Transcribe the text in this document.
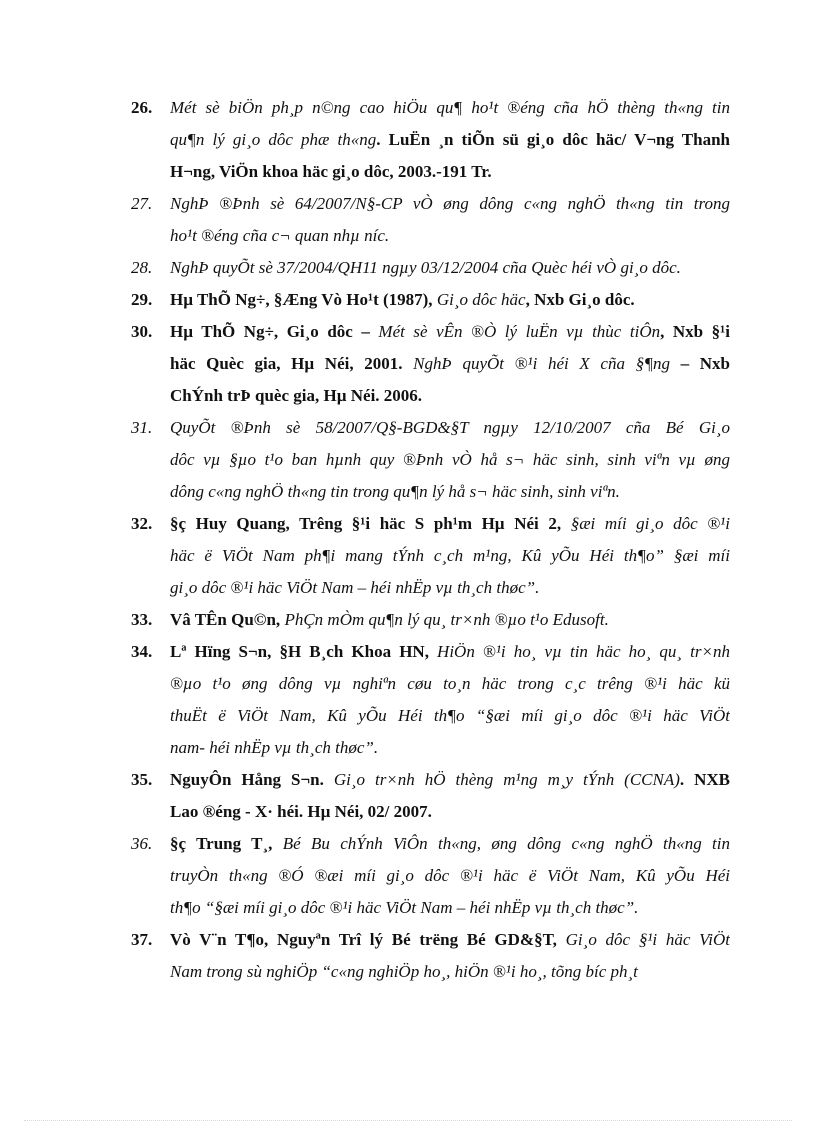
26. Mét sè biÖn ph¸p n©ng cao hiÖu qu¶ ho¹t ®éng cña hÖ thèng th«ng tin
qu¶n lý gi¸o dôc phæ th«ng. LuËn ¸n tiÕn sü gi¸o dôc häc/ V¬ng Thanh
H¬ng, ViÖn khoa häc gi¸o dôc, 2003.-191 Tr.
27. NghÞ ®Þnh sè 64/2007/N§-CP vÒ øng dông c«ng nghÖ th«ng tin trong
ho¹t ®éng cña c¬ quan nhµ níc.
28. NghÞ quyÕt sè 37/2004/QH11 ngµy 03/12/2004 cña Quèc héi vÒ gi¸o dôc.
29. Hµ ThÕ Ng÷, §Æng Vò Ho¹t (1987), Gi¸o dôc häc, Nxb Gi¸o dôc.
30. Hµ ThÕ Ng÷, Gi¸o dôc – Mét sè vÊn ®Ò lý luËn vµ thùc tiÔn, Nxb §¹i
häc Quèc gia, Hµ Néi, 2001. NghÞ quyÕt ®¹i héi X cña §¶ng – Nxb
ChÝnh trÞ quèc gia, Hµ Néi. 2006.
31. QuyÕt ®Þnh sè 58/2007/Q§-BGD&§T ngµy 12/10/2007 cña Bé Gi¸o
dôc vµ §µo t¹o ban hµnh quy ®Þnh vÒ hå s¬ häc sinh, sinh viªn vµ øng
dông c«ng nghÖ th«ng tin trong qu¶n lý hå s¬ häc sinh, sinh viªn.
32. §ç Huy Quang, Trêng §¹i häc S ph¹m Hµ Néi 2, §æi míi gi¸o dôc ®¹i
häc ë ViÖt Nam ph¶i mang tÝnh c¸ch m¹ng, Kû yÕu Héi th¶o” §æi míi
gi¸o dôc ®¹i häc ViÖt Nam – héi nhËp vµ th¸ch thøc”.
33. Vâ TÊn Qu©n, PhÇn mÒm qu¶n lý qu¸ tr×nh ®µo t¹o Edusoft.
34. Lª Hïng S¬n, §H B¸ch Khoa HN, HiÖn ®¹i ho¸ vµ tin häc ho¸ qu¸ tr×nh
®µo t¹o øng dông vµ nghiªn cøu to¸n häc trong c¸c trêng ®¹i häc kü
thuËt ë ViÖt Nam, Kû yÕu Héi th¶o “§æi míi gi¸o dôc ®¹i häc ViÖt
nam- héi nhËp vµ th¸ch thøc”.
35. NguyÔn Hång S¬n. Gi¸o tr×nh hÖ thèng m¹ng m¸y tÝnh (CCNA). NXB
Lao ®éng - X· héi. Hµ Néi, 02/ 2007.
36. §ç Trung T¸, Bé Bu chÝnh ViÔn th«ng, øng dông c«ng nghÖ th«ng tin
truyÒn th«ng ®Ó ®æi míi gi¸o dôc ®¹i häc ë ViÖt Nam, Kû yÕu Héi
th¶o “§æi míi gi¸o dôc ®¹i häc ViÖt Nam – héi nhËp vµ th¸ch thøc”.
37. Vò V¨n T¶o, Nguyªn Trî lý Bé trëng Bé GD&§T, Gi¸o dôc §¹i häc ViÖt
Nam trong sù nghiÖp “c«ng nghiÖp ho¸, hiÖn ®¹i ho¸, tõng bíc ph¸t
